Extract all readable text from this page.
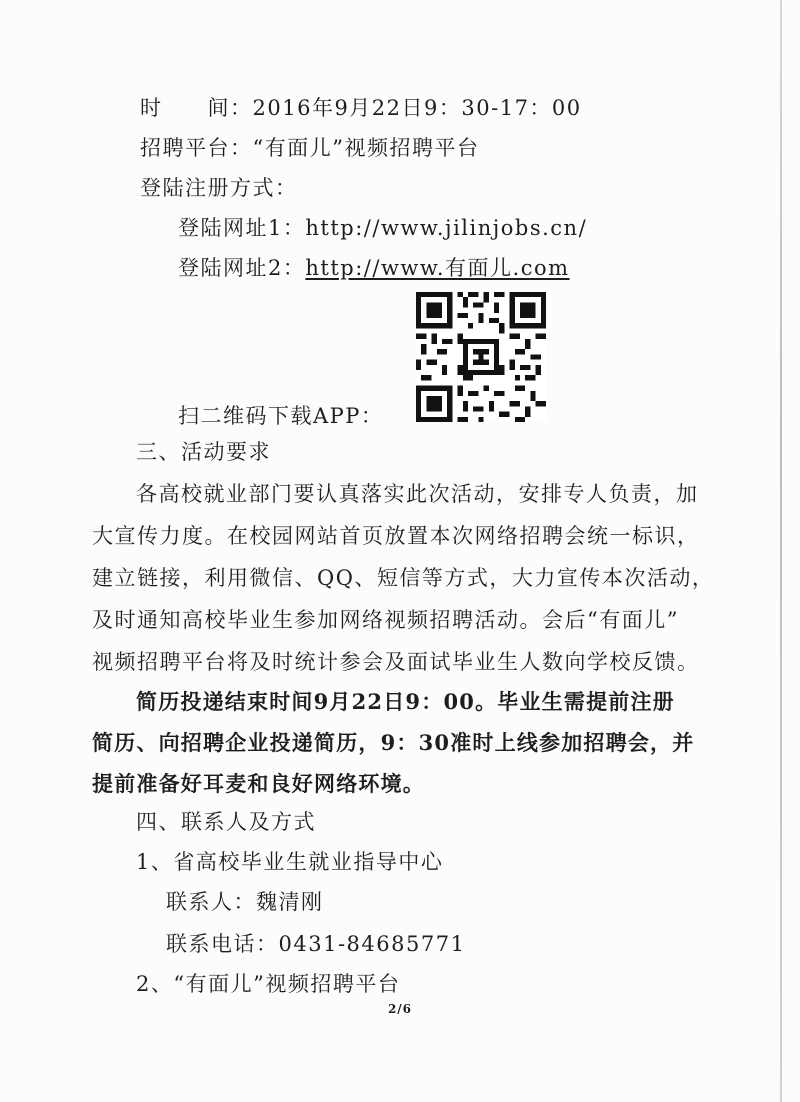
时　　间：2016年9月22日9：30-17：00
招聘平台：“有面儿”视频招聘平台
登陆注册方式：
登陆网址1：http://www.jilinjobs.cn/
登陆网址2：http://www.有面儿.com
扫二维码下载APP：
三、活动要求
各高校就业部门要认真落实此次活动，安排专人负责，加
大宣传力度。在校园网站首页放置本次网络招聘会统一标识，
建立链接，利用微信、QQ、短信等方式，大力宣传本次活动，
及时通知高校毕业生参加网络视频招聘活动。会后“有面儿”
视频招聘平台将及时统计参会及面试毕业生人数向学校反馈。
简历投递结束时间9月22日9：00。毕业生需提前注册
简历、向招聘企业投递简历，9：30准时上线参加招聘会，并
提前准备好耳麦和良好网络环境。
四、联系人及方式
1、省高校毕业生就业指导中心
联系人：魏清刚
联系电话：0431-84685771
2、“有面儿”视频招聘平台
2/6
